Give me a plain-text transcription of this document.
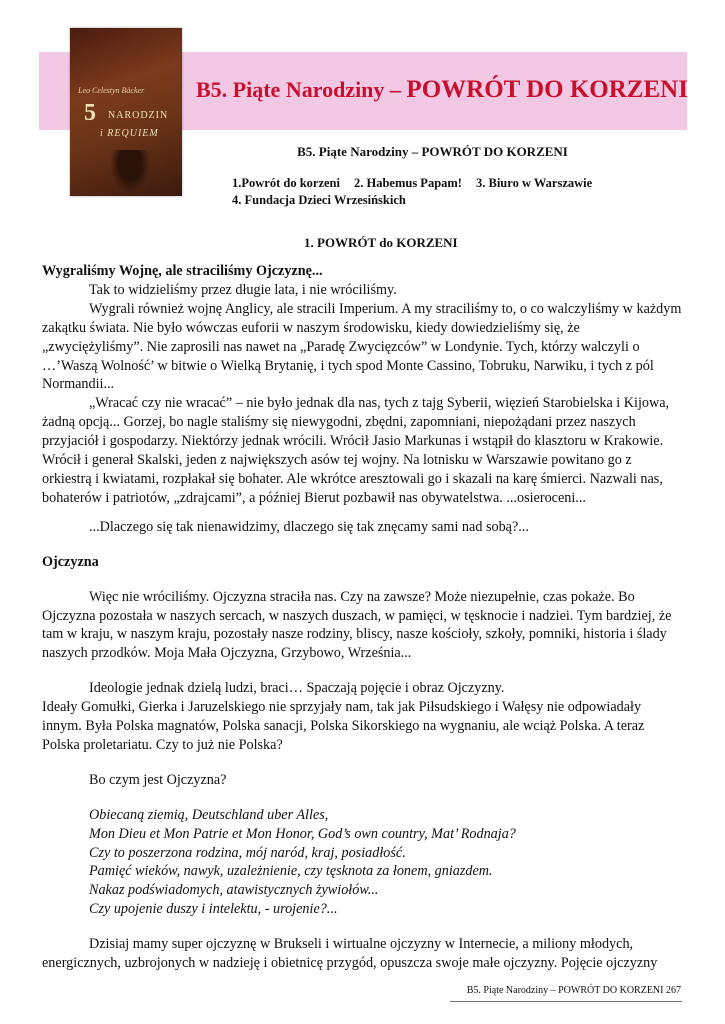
Leo Celestyn Bäcker
5 NARODZIN
i REQUIEM
B5. Piąte Narodziny – POWRÓT DO KORZENI
B5. Piąte Narodziny – POWRÓT DO KORZENI
1.Powrót do korzeni 2. Habemus Papam! 3. Biuro w Warszawie
4. Fundacja Dzieci Wrzesińskich
1. POWRÓT do KORZENI

Wygraliśmy Wojnę, ale straciliśmy Ojczyznę...

Tak to widzieliśmy przez długie lata, i nie wróciliśmy.

Wygrali również wojnę Anglicy, ale stracili Imperium. A my straciliśmy to, o co walczyliśmy w każdym zakątku świata. Nie było wówczas euforii w naszym środowisku, kiedy dowiedzieliśmy się, że „zwyciężyliśmy”. Nie zaprosili nas nawet na „Paradę Zwycięzców” w Londynie. Tych, którzy walczyli o …’Waszą Wolność’ w bitwie o Wielką Brytanię, i tych spod Monte Cassino, Tobruku, Narwiku, i tych z pól Normandii...

„Wracać czy nie wracać” – nie było jednak dla nas, tych z tajg Syberii, więzień Starobielska i Kijowa, żadną opcją... Gorzej, bo nagle staliśmy się niewygodni, zbędni, zapomniani, niepożądani przez naszych przyjaciół i gospodarzy. Niektórzy jednak wrócili. Wrócił Jasio Markunas i wstąpił do klasztoru w Krakowie. Wrócił i generał Skalski, jeden z największych asów tej wojny. Na lotnisku w Warszawie powitano go z orkiestrą i kwiatami, rozpłakał się bohater. Ale wkrótce aresztowali go i skazali na karę śmierci. Nazwali nas, bohaterów i patriotów, „zdrajcami”, a później Bierut pozbawił nas obywatelstwa. ...osieroceni...

...Dlaczego się tak nienawidzimy, dlaczego się tak znęcamy sami nad sobą?...

Ojczyzna

Więc nie wróciliśmy. Ojczyzna straciła nas. Czy na zawsze? Może niezupełnie, czas pokaże. Bo Ojczyzna pozostała w naszych sercach, w naszych duszach, w pamięci, w tęsknocie i nadziei. Tym bardziej, że tam w kraju, w naszym kraju, pozostały nasze rodziny, bliscy, nasze kościoły, szkoły, pomniki, historia i ślady naszych przodków. Moja Mała Ojczyzna, Grzybowo, Września...

Ideologie jednak dzielą ludzi, braci… Spaczają pojęcie i obraz Ojczyzny.

Ideały Gomułki, Gierka i Jaruzelskiego nie sprzyjały nam, tak jak Piłsudskiego i Wałęsy nie odpowiadały innym. Była Polska magnatów, Polska sanacji, Polska Sikorskiego na wygnaniu, ale wciąż Polska. A teraz Polska proletariatu. Czy to już nie Polska?

Bo czym jest Ojczyzna?

Obiecaną ziemią, Deutschland uber Alles,

Mon Dieu et Mon Patrie et Mon Honor, God’s own country, Mat’ Rodnaja?

Czy to poszerzona rodzina, mój naród, kraj, posiadłość.

Pamięć wieków, nawyk, uzależnienie, czy tęsknota za łonem, gniazdem.

Nakaz podświadomych, atawistycznych żywiołów...

Czy upojenie duszy i intelektu, - urojenie?...

Dzisiaj mamy super ojczyznę w Brukseli i wirtualne ojczyzny w Internecie, a miliony młodych, energicznych, uzbrojonych w nadzieję i obietnicę przygód, opuszcza swoje małe ojczyzny. Pojęcie ojczyzny

B5. Piąte Narodziny – POWRÓT DO KORZENI 267
